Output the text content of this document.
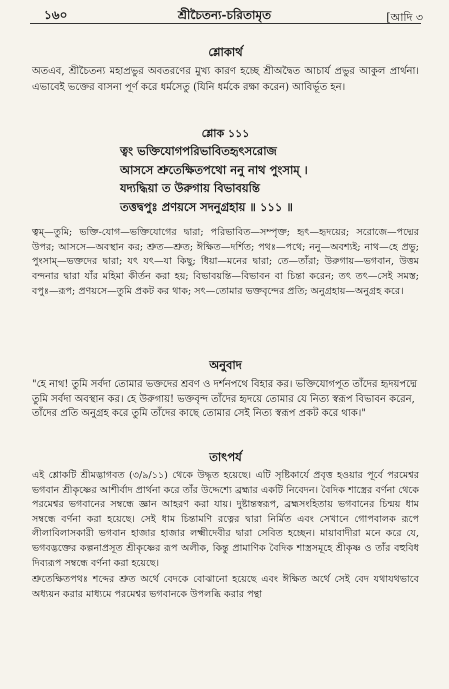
১৬০	শ্রীচৈতন্য-চরিতামৃত	[আদি ৩
শ্লোকার্থ

অতএব, শ্রীচৈতন্য মহাপ্রভুর অবতরণের মুখ্য কারণ হচ্ছে শ্রীঅদ্বৈত আচার্য প্রভুর আকুল প্রার্থনা। এভাবেই ভক্তের বাসনা পূর্ণ করে ধর্মসেতু (যিনি ধর্মকে রক্ষা করেন) আবির্ভূত হন।

শ্লোক ১১১
ত্বং ভক্তিযোগপরিভাবিতহৃৎসরোজ
আসসে শ্রুতেক্ষিতপথো ননু নাথ পুংসাম্ ।
যদ্যদ্ধিয়া ত উরুগায় বিভাবয়ন্তি
তত্তদ্বপুঃ প্রণয়সে সদনুগ্রহায় ॥ ১১১ ॥

ত্বম্—তুমি; ভক্তি-যোগ—ভক্তিযোগের দ্বারা; পরিভাবিত—সম্পৃক্ত; হৃৎ—হৃদয়ের; সরোজে—পদ্মের উপর; আসসে—অবস্থান কর; শ্রুত—শ্রুত; ঈক্ষিত—দর্শিত; পথঃ—পথে; ননু—অবশ্যই; নাথ—হে প্রভু; পুংসাম্—ভক্তদের দ্বারা; যৎ যৎ—যা কিছু; ধিয়া—মনের দ্বারা; তে—তাঁরা; উরুগায়—ভগবান, উত্তম বন্দনার দ্বারা যাঁর মহিমা কীর্তন করা হয়; বিভাবয়ন্তি—বিভাবন বা চিন্তা করেন; তৎ তৎ—সেই সমস্ত; বপুঃ—রূপ; প্রণয়সে—তুমি প্রকট কর থাক; সৎ—তোমার ভক্তবৃন্দের প্রতি; অনুগ্রহায়—অনুগ্রহ করে।

অনুবাদ

"হে নাথ! তুমি সর্বদা তোমার ভক্তদের শ্রবণ ও দর্শনপথে বিহার কর। ভক্তিযোগপূত তাঁদের হৃদয়পদ্মে তুমি সর্বদা অবস্থান কর। হে উরুগায়! ভক্তবৃন্দ তাঁদের হৃদয়ে তোমার যে নিত্য স্বরূপ বিভাবন করেন, তাঁদের প্রতি অনুগ্রহ করে তুমি তাঁদের কাছে তোমার সেই নিত্য স্বরূপ প্রকট করে থাক।"

তাৎপর্য

এই শ্লোকটি শ্রীমদ্ভাগবত (৩/৯/১১) থেকে উদ্ধৃত হয়েছে। এটি সৃষ্টিকার্যে প্রবৃত্ত হওয়ার পূর্বে পরমেশ্বর ভগবান শ্রীকৃষ্ণের আশীর্বাদ প্রার্থনা করে তাঁর উদ্দেশ্যে ব্রহ্মার একটি নিবেদন। বৈদিক শাস্ত্রের বর্ণনা থেকে পরমেশ্বর ভগবানের সম্বন্ধে জ্ঞান আহরণ করা যায়। দুষ্টান্তস্বরূপ, ব্রহ্মসংহিতায় ভগবানের চিন্ময় ধাম সম্বন্ধে বর্ণনা করা হয়েছে। সেই ধাম চিন্তামণি রত্নের দ্বারা নির্মিত এবং সেখানে গোপবালক রূপে লীলাবিলাসকারী ভগবান হাজার হাজার লক্ষ্মীদেবীর দ্বারা সেবিত হচ্ছেন। মায়াবাদীরা মনে করে যে, ভগবদ্ভক্তের কল্পনাপ্রসূত শ্রীকৃষ্ণের রূপ অলীক, কিন্তু প্রামাণিক বৈদিক শাস্ত্রসমূহে শ্রীকৃষ্ণ ও তাঁর বহুবিধ দিব্যরূপ সম্বন্ধে বর্ণনা করা হয়েছে।

শ্রুতেক্ষিতপথঃ শব্দের শ্রুত অর্থে বেদকে বোঝানো হয়েছে এবং ঈক্ষিত অর্থে সেই বেদ যথাযথভাবে অধ্যয়ন করার মাধ্যমে পরমেশ্বর ভগবানকে উপলব্ধি করার পন্থা
